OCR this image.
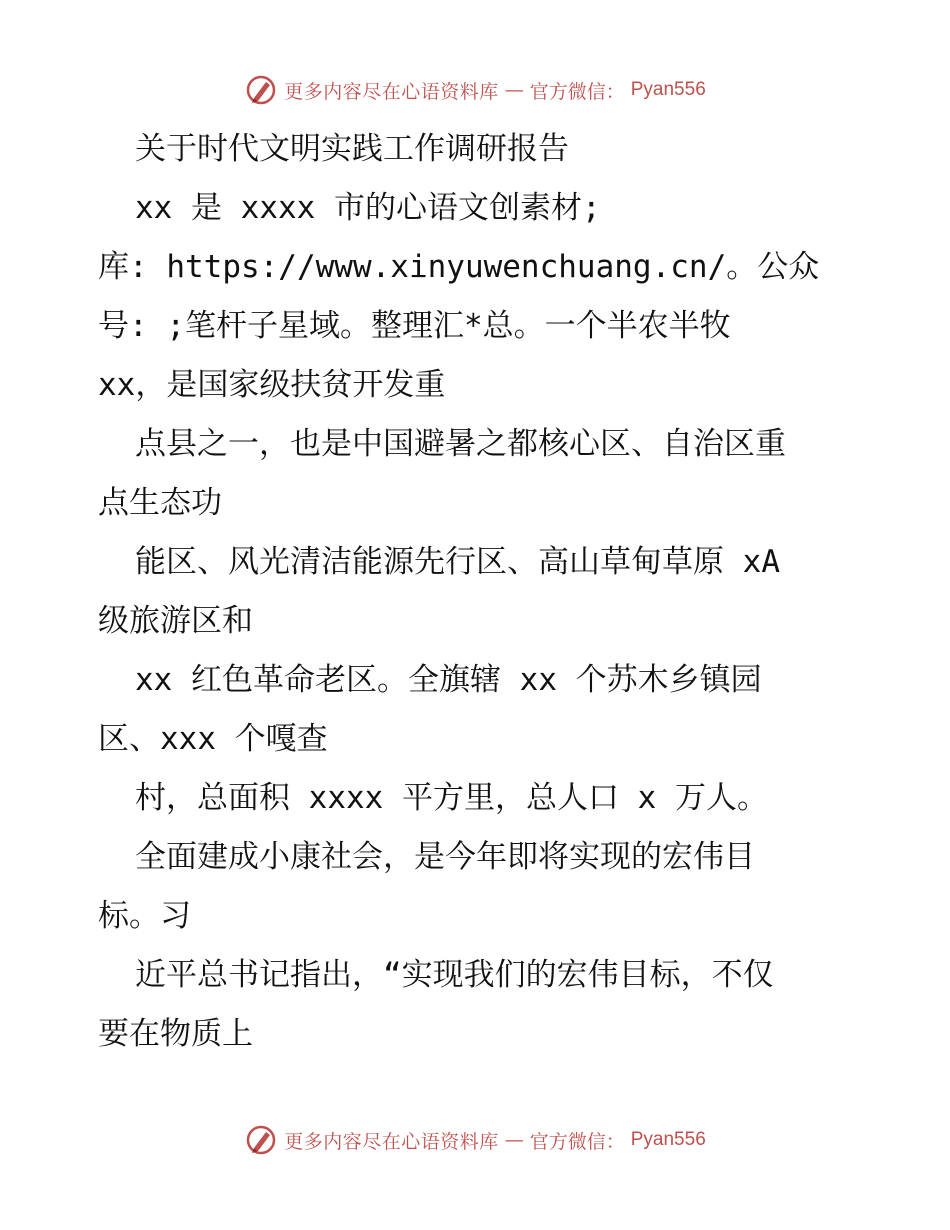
更多内容尽在心语资料库 — 官方微信： Pyan556
关于时代文明实践工作调研报告
xx 是 xxxx 市的心语文创素材;
库: https://www.xinyuwenchuang.cn/。公众
号: ;笔杆子星域。整理汇*总。一个半农半牧
xx，是国家级扶贫开发重
点县之一，也是中国避暑之都核心区、自治区重
点生态功
能区、风光清洁能源先行区、高山草甸草原 xA
级旅游区和
xx 红色革命老区。全旗辖 xx 个苏木乡镇园
区、xxx 个嘎查
村，总面积 xxxx 平方里，总人口 x 万人。
全面建成小康社会，是今年即将实现的宏伟目
标。习
近平总书记指出，“实现我们的宏伟目标，不仅
要在物质上
更多内容尽在心语资料库 — 官方微信： Pyan556
